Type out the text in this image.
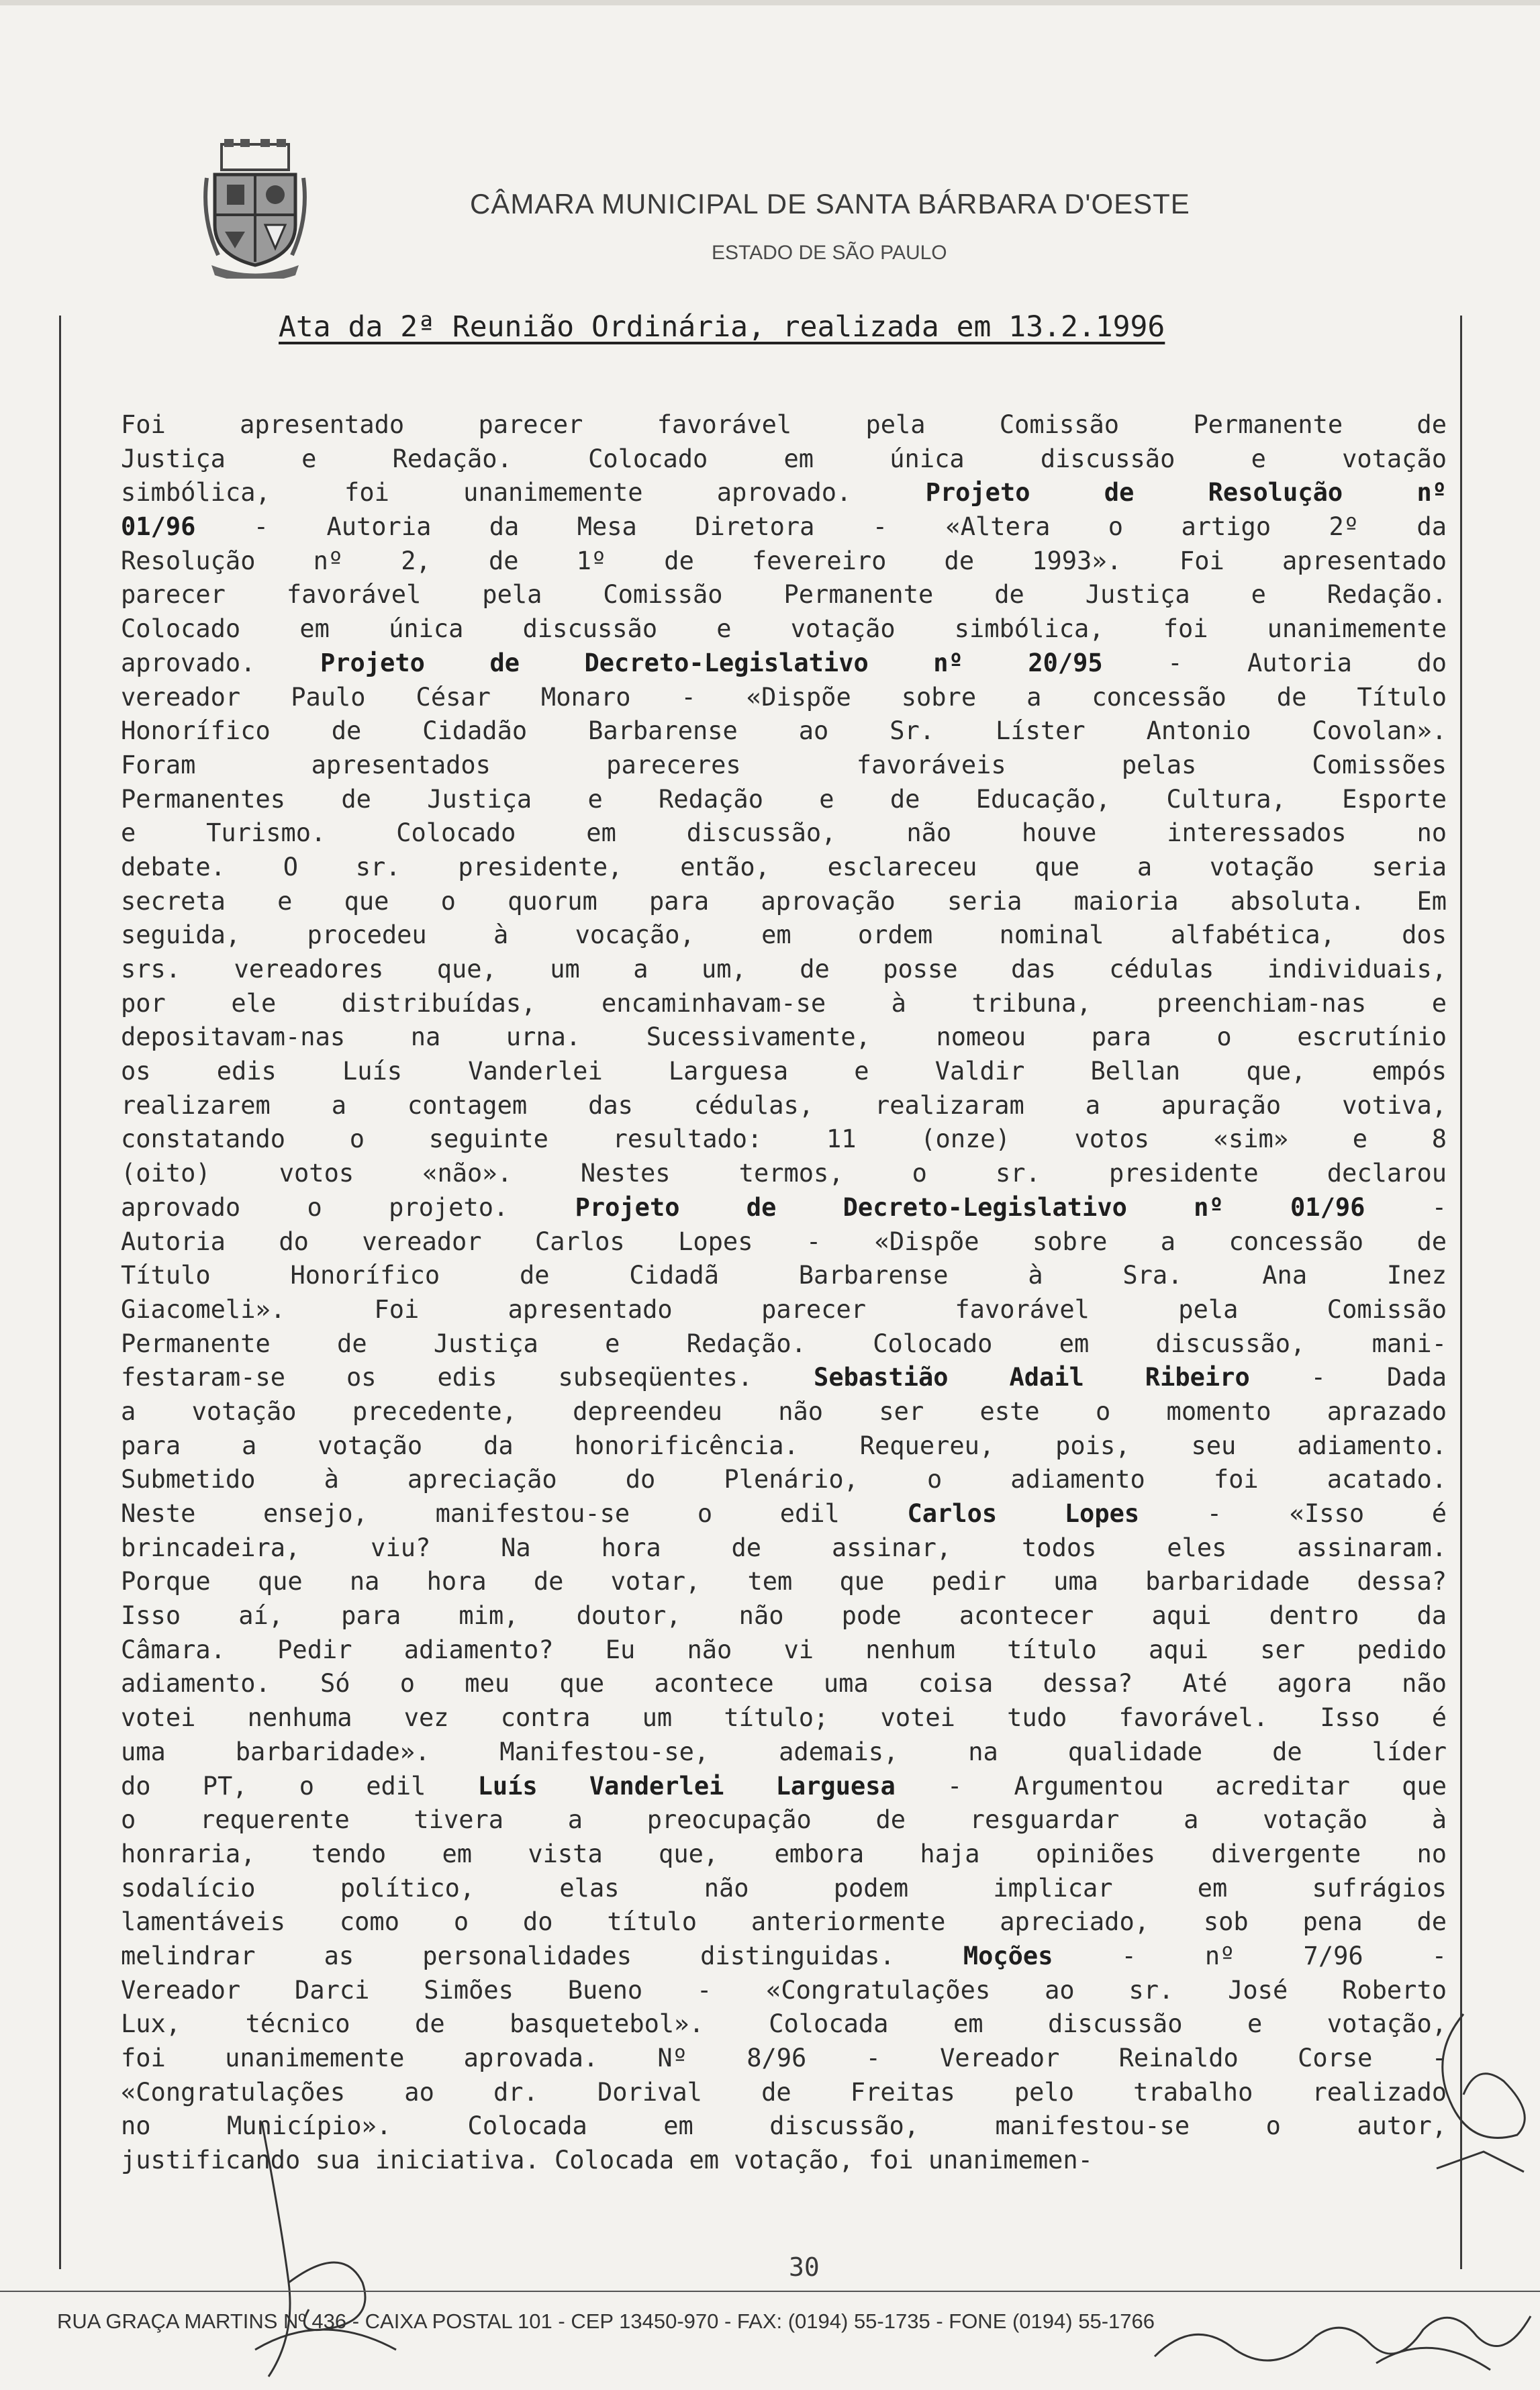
CÂMARA MUNICIPAL DE SANTA BÁRBARA D'OESTE
ESTADO DE SÃO PAULO
Ata da 2ª Reunião Ordinária, realizada em 13.2.1996
Foi apresentado parecer favorável pela Comissão Permanente de
Justiça e Redação. Colocado em única discussão e votação
simbólica, foi unanimemente aprovado. Projeto de Resolução nº
01/96 - Autoria da Mesa Diretora - «Altera o artigo 2º da
Resolução nº 2, de 1º de fevereiro de 1993». Foi apresentado
parecer favorável pela Comissão Permanente de Justiça e Redação.
Colocado em única discussão e votação simbólica, foi unanimemente
aprovado. Projeto de Decreto-Legislativo nº 20/95 - Autoria do
vereador Paulo César Monaro - «Dispõe sobre a concessão de Título
Honorífico de Cidadão Barbarense ao Sr. Líster Antonio Covolan».
Foram apresentados pareceres favoráveis pelas Comissões
Permanentes de Justiça e Redação e de Educação, Cultura, Esporte
e Turismo. Colocado em discussão, não houve interessados no
debate. O sr. presidente, então, esclareceu que a votação seria
secreta e que o quorum para aprovação seria maioria absoluta. Em
seguida, procedeu à vocação, em ordem nominal alfabética, dos
srs. vereadores que, um a um, de posse das cédulas individuais,
por ele distribuídas, encaminhavam-se à tribuna, preenchiam-nas e
depositavam-nas na urna. Sucessivamente, nomeou para o escrutínio
os edis Luís Vanderlei Larguesa e Valdir Bellan que, empós
realizarem a contagem das cédulas, realizaram a apuração votiva,
constatando o seguinte resultado: 11 (onze) votos «sim» e 8
(oito) votos «não». Nestes termos, o sr. presidente declarou
aprovado o projeto. Projeto de Decreto-Legislativo nº 01/96 -
Autoria do vereador Carlos Lopes - «Dispõe sobre a concessão de
Título Honorífico de Cidadã Barbarense à Sra. Ana Inez
Giacomeli». Foi apresentado parecer favorável pela Comissão
Permanente de Justiça e Redação. Colocado em discussão, mani-
festaram-se os edis subseqüentes. Sebastião Adail Ribeiro - Dada
a votação precedente, depreendeu não ser este o momento aprazado
para a votação da honorificência. Requereu, pois, seu adiamento.
Submetido à apreciação do Plenário, o adiamento foi acatado.
Neste ensejo, manifestou-se o edil Carlos Lopes - «Isso é
brincadeira, viu? Na hora de assinar, todos eles assinaram.
Porque que na hora de votar, tem que pedir uma barbaridade dessa?
Isso aí, para mim, doutor, não pode acontecer aqui dentro da
Câmara. Pedir adiamento? Eu não vi nenhum título aqui ser pedido
adiamento. Só o meu que acontece uma coisa dessa? Até agora não
votei nenhuma vez contra um título; votei tudo favorável. Isso é
uma barbaridade». Manifestou-se, ademais, na qualidade de líder
do PT, o edil Luís Vanderlei Larguesa - Argumentou acreditar que
o requerente tivera a preocupação de resguardar a votação à
honraria, tendo em vista que, embora haja opiniões divergente no
sodalício político, elas não podem implicar em sufrágios
lamentáveis como o do título anteriormente apreciado, sob pena de
melindrar as personalidades distinguidas. Moções - nº 7/96 -
Vereador Darci Simões Bueno - «Congratulações ao sr. José Roberto
Lux, técnico de basquetebol». Colocada em discussão e votação,
foi unanimemente aprovada. Nº 8/96 - Vereador Reinaldo Corse -
«Congratulações ao dr. Dorival de Freitas pelo trabalho realizado
no Município». Colocada em discussão, manifestou-se o autor,
justificando sua iniciativa. Colocada em votação, foi unanimemen-
30
RUA GRAÇA MARTINS Nº 436 - CAIXA POSTAL 101 - CEP 13450-970 - FAX: (0194) 55-1735 - FONE (0194) 55-1766
